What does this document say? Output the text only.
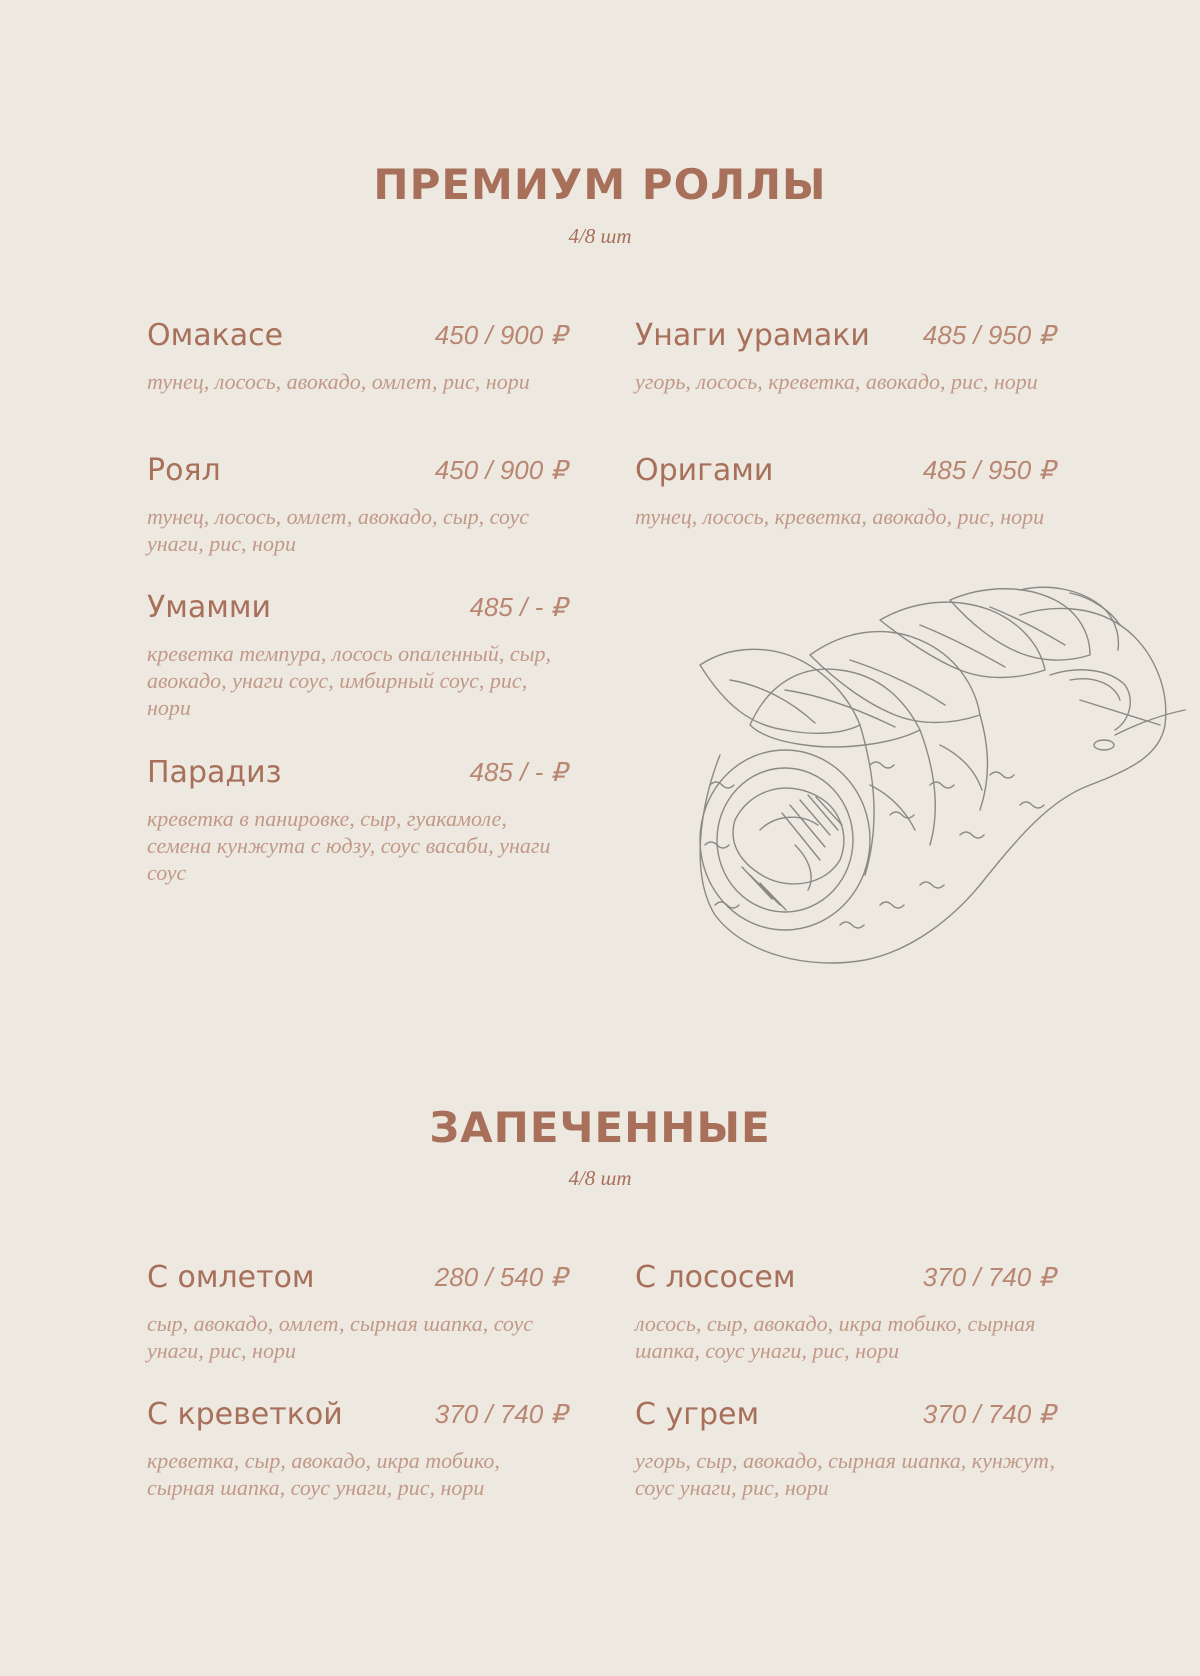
ПРЕМИУМ РОЛЛЫ
4/8 шт
Омакасе	450 / 900 ₽

тунец, лосось, авокадо, омлет, рис, нори

Унаги урамаки 485 / 950 ₽

угорь, лосось, креветка, авокадо, рис, нори

Роял	450 / 900 ₽

тунец, лосось, омлет, авокадо, сыр, соус унаги, рис, нори

Оригами	485 / 950 ₽

тунец, лосось, креветка, авокадо, рис, нори

Умамми	485 / - ₽

креветка темпура, лосось опаленный, сыр, авокадо, унаги соус, имбирный соус, рис, нори

Парадиз	485 / - ₽

креветка в панировке, сыр, гуакамоле, семена кунжута с юдзу, соус васаби, унаги соус

ЗАПЕЧЕННЫЕ
4/8 шт
С омлетом	280 / 540 ₽

сыр, авокадо, омлет, сырная шапка, соус унаги, рис, нори

С лососем	370 / 740 ₽

лосось, сыр, авокадо, икра тобико, сырная шапка, соус унаги, рис, нори

С креветкой	370 / 740 ₽

креветка, сыр, авокадо, икра тобико, сырная шапка, соус унаги, рис, нори

С угрем	370 / 740 ₽

угорь, сыр, авокадо, сырная шапка, кунжут, соус унаги, рис, нори
